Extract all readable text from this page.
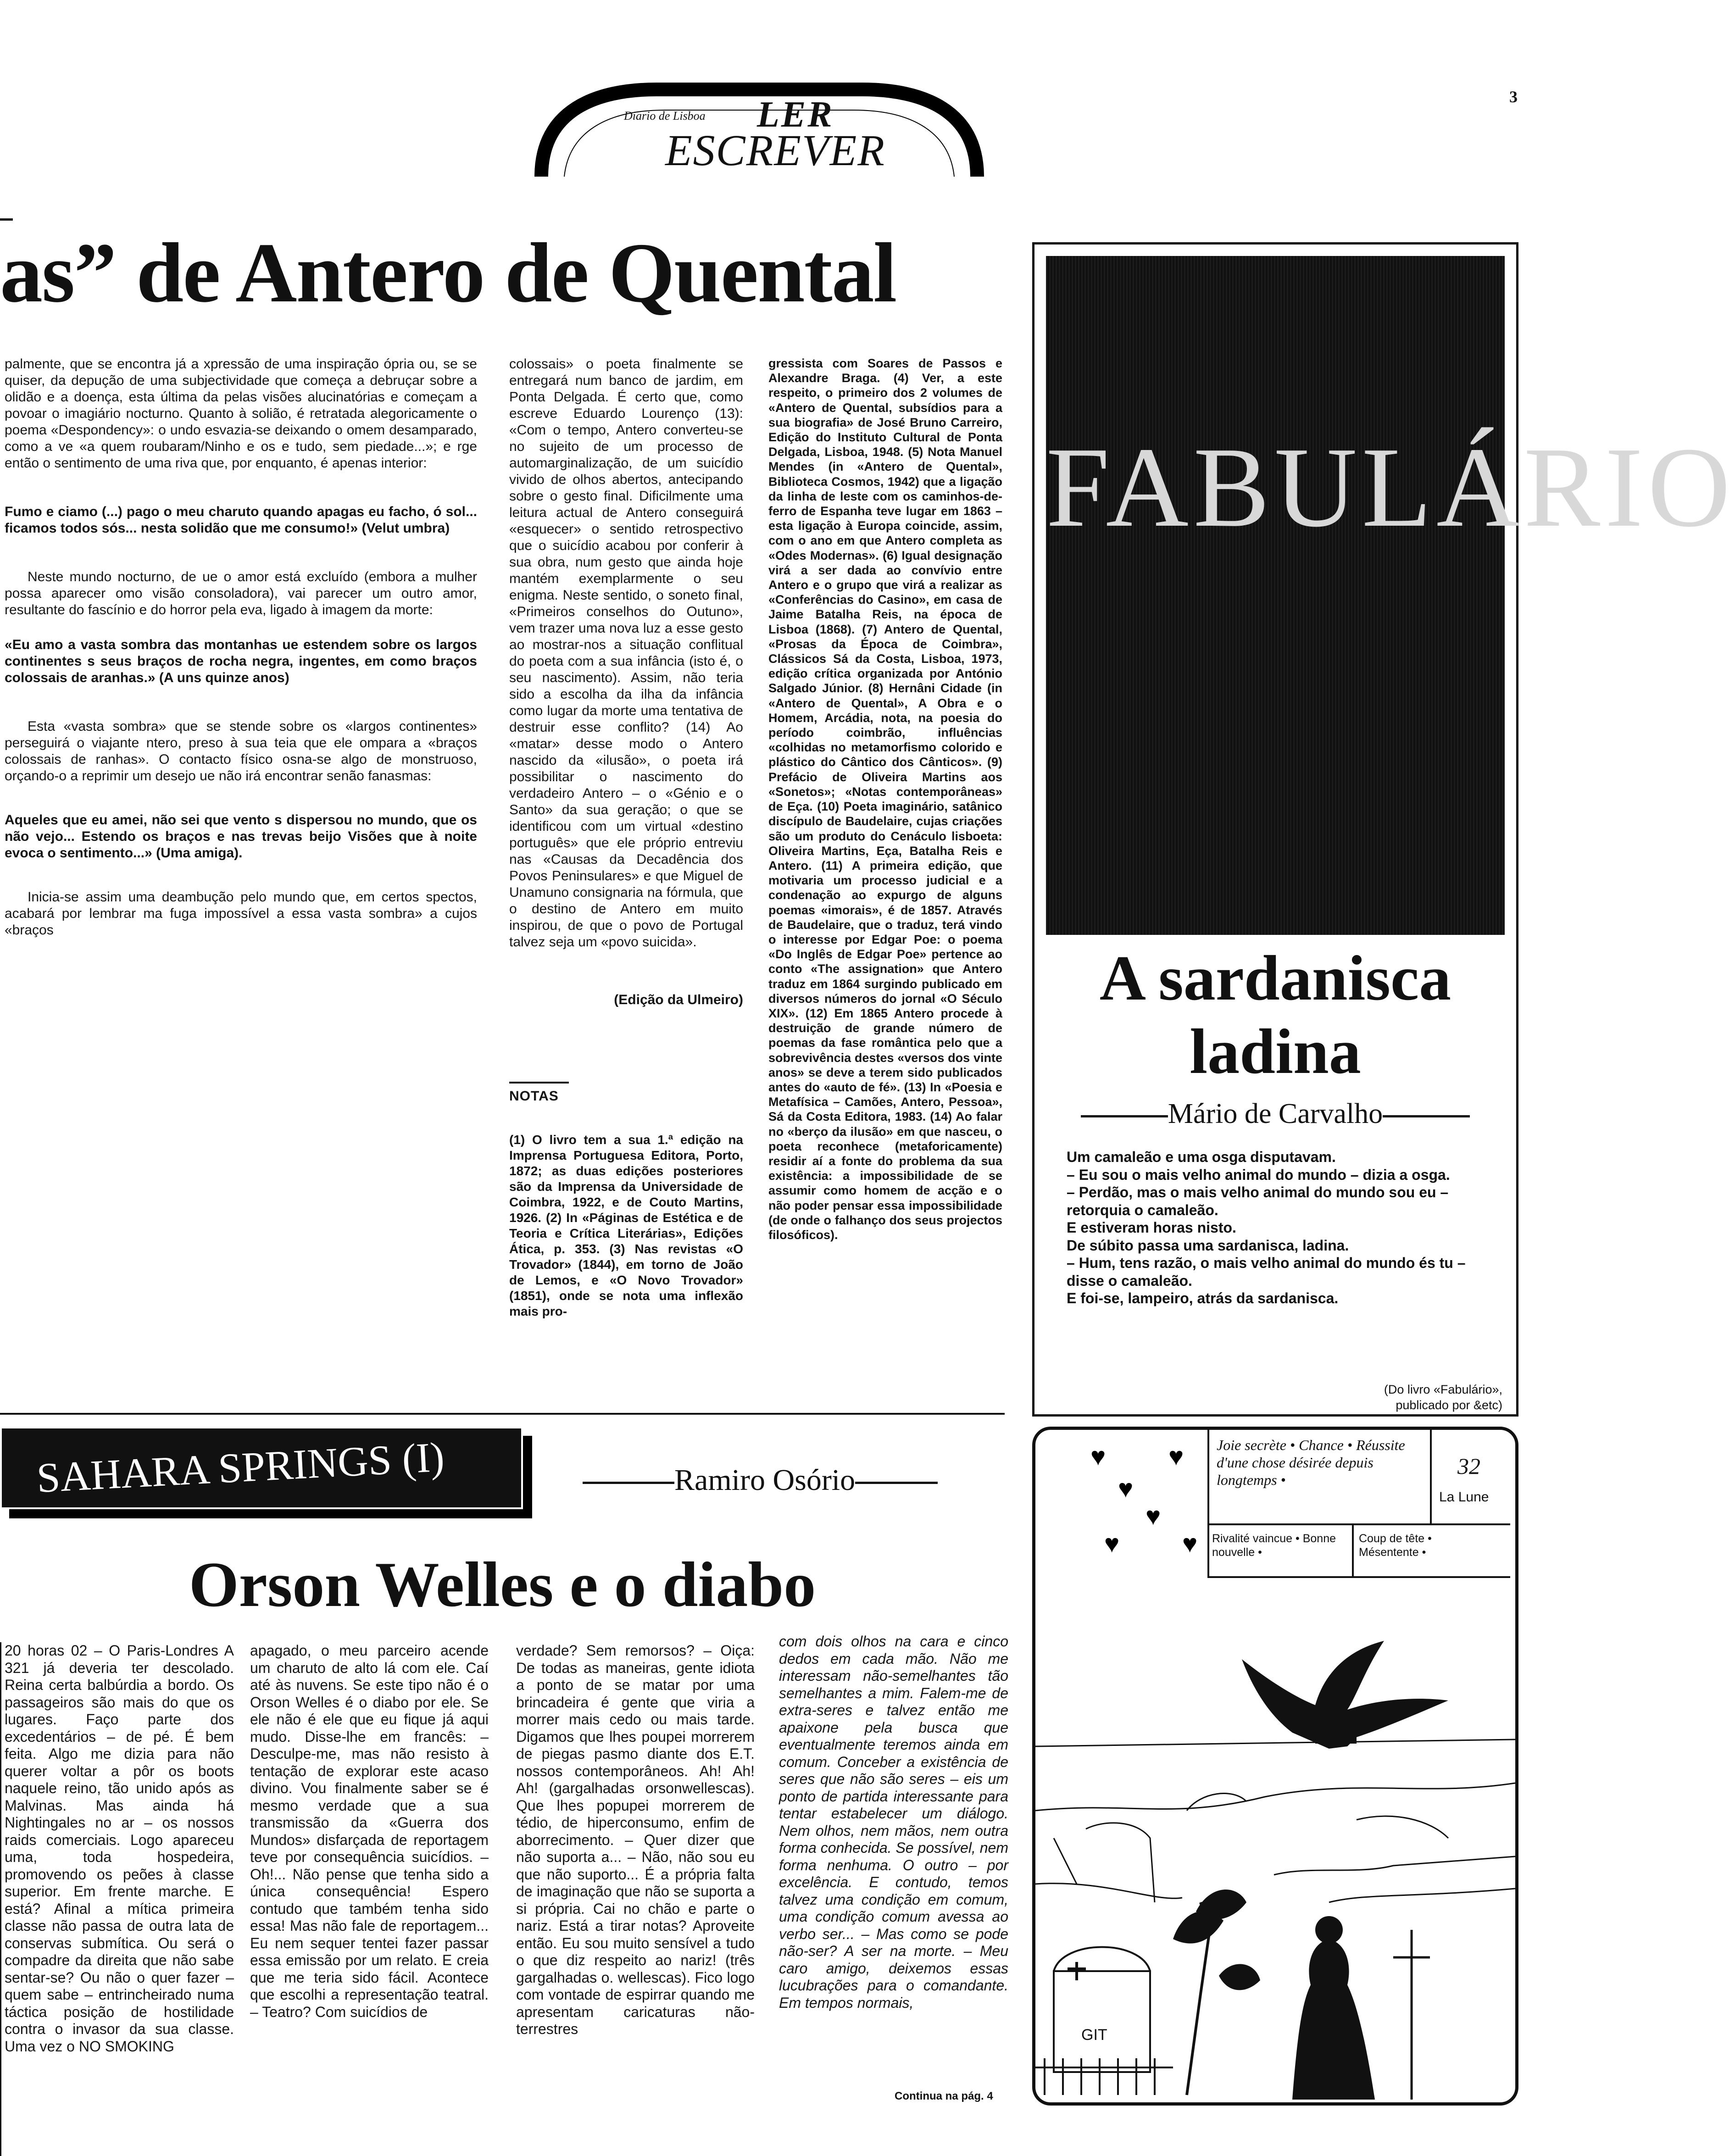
3
Diario de Lisboa LER
ESCREVER
as” de Antero de Quental

palmente, que se encontra já a xpressão de uma inspiração ópria ou, se se quiser, da depução de uma subjectividade que começa a debruçar sobre a olidão e a doença, esta última da pelas visões alucinatórias e começam a povoar o imagiário nocturno. Quanto à solião, é retratada alegoricamente o poema «Despondency»: o undo esvazia-se deixando o omem desamparado, como a ve «a quem roubaram/Ninho e os e tudo, sem piedade...»; e rge então o sentimento de uma riva que, por enquanto, é apenas interior:

Fumo e ciamo (...) pago o meu charuto quando apagas eu facho, ó sol... ficamos todos sós... nesta solidão que me consumo!» (Velut umbra)

Neste mundo nocturno, de ue o amor está excluído (embora a mulher possa aparecer omo visão consoladora), vai parecer um outro amor, resultante do fascínio e do horror pela eva, ligado à imagem da morte:

«Eu amo a vasta sombra das montanhas ue estendem sobre os largos continentes s seus braços de rocha negra, ingentes, em como braços colossais de aranhas.» (A uns quinze anos)

Esta «vasta sombra» que se stende sobre os «largos continentes» perseguirá o viajante ntero, preso à sua teia que ele ompara a «braços colossais de ranhas». O contacto físico osna-se algo de monstruoso, orçando-o a reprimir um desejo ue não irá encontrar senão fanasmas:

Aqueles que eu amei, não sei que vento s dispersou no mundo, que os não vejo... Estendo os braços e nas trevas beijo Visões que à noite evoca o sentimento...» (Uma amiga).

Inicia-se assim uma deambução pelo mundo que, em certos spectos, acabará por lembrar ma fuga impossível a essa vasta sombra» a cujos «braços

colossais» o poeta finalmente se entregará num banco de jardim, em Ponta Delgada. É certo que, como escreve Eduardo Lourenço (13): «Com o tempo, Antero converteu-se no sujeito de um processo de automarginalização, de um suicídio vivido de olhos abertos, antecipando sobre o gesto final. Dificilmente uma leitura actual de Antero conseguirá «esquecer» o sentido retrospectivo que o suicídio acabou por conferir à sua obra, num gesto que ainda hoje mantém exemplarmente o seu enigma. Neste sentido, o soneto final, «Primeiros conselhos do Outuno», vem trazer uma nova luz a esse gesto ao mostrar-nos a situação conflitual do poeta com a sua infância (isto é, o seu nascimento). Assim, não teria sido a escolha da ilha da infância como lugar da morte uma tentativa de destruir esse conflito? (14) Ao «matar» desse modo o Antero nascido da «ilusão», o poeta irá possibilitar o nascimento do verdadeiro Antero – o «Génio e o Santo» da sua geração; o que se identificou com um virtual «destino português» que ele próprio entreviu nas «Causas da Decadência dos Povos Peninsulares» e que Miguel de Unamuno consignaria na fórmula, que o destino de Antero em muito inspirou, de que o povo de Portugal talvez seja um «povo suicida».

(Edição da Ulmeiro)

NOTAS

(1) O livro tem a sua 1.ª edição na Imprensa Portuguesa Editora, Porto, 1872; as duas edições posteriores são da Imprensa da Universidade de Coimbra, 1922, e de Couto Martins, 1926. (2) In «Páginas de Estética e de Teoria e Crítica Literárias», Edições Ática, p. 353. (3) Nas revistas «O Trovador» (1844), em torno de João de Lemos, e «O Novo Trovador» (1851), onde se nota uma inflexão mais pro-

gressista com Soares de Passos e Alexandre Braga. (4) Ver, a este respeito, o primeiro dos 2 volumes de «Antero de Quental, subsídios para a sua biografia» de José Bruno Carreiro, Edição do Instituto Cultural de Ponta Delgada, Lisboa, 1948. (5) Nota Manuel Mendes (in «Antero de Quental», Biblioteca Cosmos, 1942) que a ligação da linha de leste com os caminhos-de-ferro de Espanha teve lugar em 1863 – esta ligação à Europa coincide, assim, com o ano em que Antero completa as «Odes Modernas». (6) Igual designação virá a ser dada ao convívio entre Antero e o grupo que virá a realizar as «Conferências do Casino», em casa de Jaime Batalha Reis, na época de Lisboa (1868). (7) Antero de Quental, «Prosas da Época de Coimbra», Clássicos Sá da Costa, Lisboa, 1973, edição crítica organizada por António Salgado Júnior. (8) Hernâni Cidade (in «Antero de Quental», A Obra e o Homem, Arcádia, nota, na poesia do período coimbrão, influências «colhidas no metamorfismo colorido e plástico do Cântico dos Cânticos». (9) Prefácio de Oliveira Martins aos «Sonetos»; «Notas contemporâneas» de Eça. (10) Poeta imaginário, satânico discípulo de Baudelaire, cujas criações são um produto do Cenáculo lisboeta: Oliveira Martins, Eça, Batalha Reis e Antero. (11) A primeira edição, que motivaria um processo judicial e a condenação ao expurgo de alguns poemas «imorais», é de 1857. Através de Baudelaire, que o traduz, terá vindo o interesse por Edgar Poe: o poema «Do Inglês de Edgar Poe» pertence ao conto «The assignation» que Antero traduz em 1864 surgindo publicado em diversos números do jornal «O Século XIX». (12) Em 1865 Antero procede à destruição de grande número de poemas da fase romântica pelo que a sobrevivência destes «versos dos vinte anos» se deve a terem sido publicados antes do «auto de fé». (13) In «Poesia e Metafísica – Camões, Antero, Pessoa», Sá da Costa Editora, 1983. (14) Ao falar no «berço da ilusão» em que nasceu, o poeta reconhece (metaforicamente) residir aí a fonte do problema da sua existência: a impossibilidade de se assumir como homem de acção e o não poder pensar essa impossibilidade (de onde o falhanço dos seus projectos filosóficos).
FABULÁRIO
A sardanisca
ladina
Mário de Carvalho
Um camaleão e uma osga disputavam.
– Eu sou o mais velho animal do mundo – dizia a osga.
– Perdão, mas o mais velho animal do mundo sou eu – retorquia o camaleão.
E estiveram horas nisto.
De súbito passa uma sardanisca, ladina.
– Hum, tens razão, o mais velho animal do mundo és tu – disse o camaleão.
E foi-se, lampeiro, atrás da sardanisca.
(Do livro «Fabulário»,
publicado por &etc)
SAHARA SPRINGS (I)	Ramiro Osório
Orson Welles e o diabo
20 horas 02 – O Paris-Londres A 321 já deveria ter descolado. Reina certa balbúrdia a bordo. Os passageiros são mais do que os lugares. Faço parte dos excedentários – de pé. É bem feita. Algo me dizia para não querer voltar a pôr os boots naquele reino, tão unido após as Malvinas. Mas ainda há Nightingales no ar – os nossos raids comerciais. Logo apareceu uma, toda hospedeira, promovendo os peões à classe superior. Em frente marche. E está? Afinal a mítica primeira classe não passa de outra lata de conservas submítica. Ou será o compadre da direita que não sabe sentar-se? Ou não o quer fazer – quem sabe – entrincheirado numa táctica posição de hostilidade contra o invasor da sua classe. Uma vez o NO SMOKING
apagado, o meu parceiro acende um charuto de alto lá com ele. Caí até às nuvens. Se este tipo não é o Orson Welles é o diabo por ele. Se ele não é ele que eu fique já aqui mudo. Disse-lhe em francês: – Desculpe-me, mas não resisto à tentação de explorar este acaso divino. Vou finalmente saber se é mesmo verdade que a sua transmissão da «Guerra dos Mundos» disfarçada de reportagem teve por consequência suicídios. – Oh!... Não pense que tenha sido a única consequência! Espero contudo que também tenha sido essa! Mas não fale de reportagem... Eu nem sequer tentei fazer passar essa emissão por um relato. E creia que me teria sido fácil. Acontece que escolhi a representação teatral. – Teatro? Com suicídios de
verdade? Sem remorsos? – Oiça: De todas as maneiras, gente idiota a ponto de se matar por uma brincadeira é gente que viria a morrer mais cedo ou mais tarde. Digamos que lhes poupei morrerem de piegas pasmo diante dos E.T. nossos contemporâneos. Ah! Ah! Ah! (gargalhadas orsonwellescas). Que lhes popupei morrerem de tédio, de hiperconsumo, enfim de aborrecimento. – Quer dizer que não suporta a... – Não, não sou eu que não suporto... É a própria falta de imaginação que não se suporta a si própria. Cai no chão e parte o nariz. Está a tirar notas? Aproveite então. Eu sou muito sensível a tudo o que diz respeito ao nariz! (três gargalhadas o. wellescas). Fico logo com vontade de espirrar quando me apresentam caricaturas não-terrestres
com dois olhos na cara e cinco dedos em cada mão. Não me interessam não-semelhantes tão semelhantes a mim. Falem-me de extra-seres e talvez então me apaixone pela busca que eventualmente teremos ainda em comum. Conceber a existência de seres que não são seres – eis um ponto de partida interessante para tentar estabelecer um diálogo. Nem olhos, nem mãos, nem outra forma conhecida. Se possível, nem forma nenhuma. O outro – por excelência. E contudo, temos talvez uma condição em comum, uma condição comum avessa ao verbo ser... – Mas como se pode não-ser? A ser na morte. – Meu caro amigo, deixemos essas lucubrações para o comandante. Em tempos normais,
Continua na pág. 4
♥ ♥
♥
♥
♥ ♥
Joie secrète • Chance • Réussite d'une chose désirée depuis longtemps •
32
La Lune
Rivalité vaincue • Bonne nouvelle •
Coup de tête • Mésentente •
GIT
